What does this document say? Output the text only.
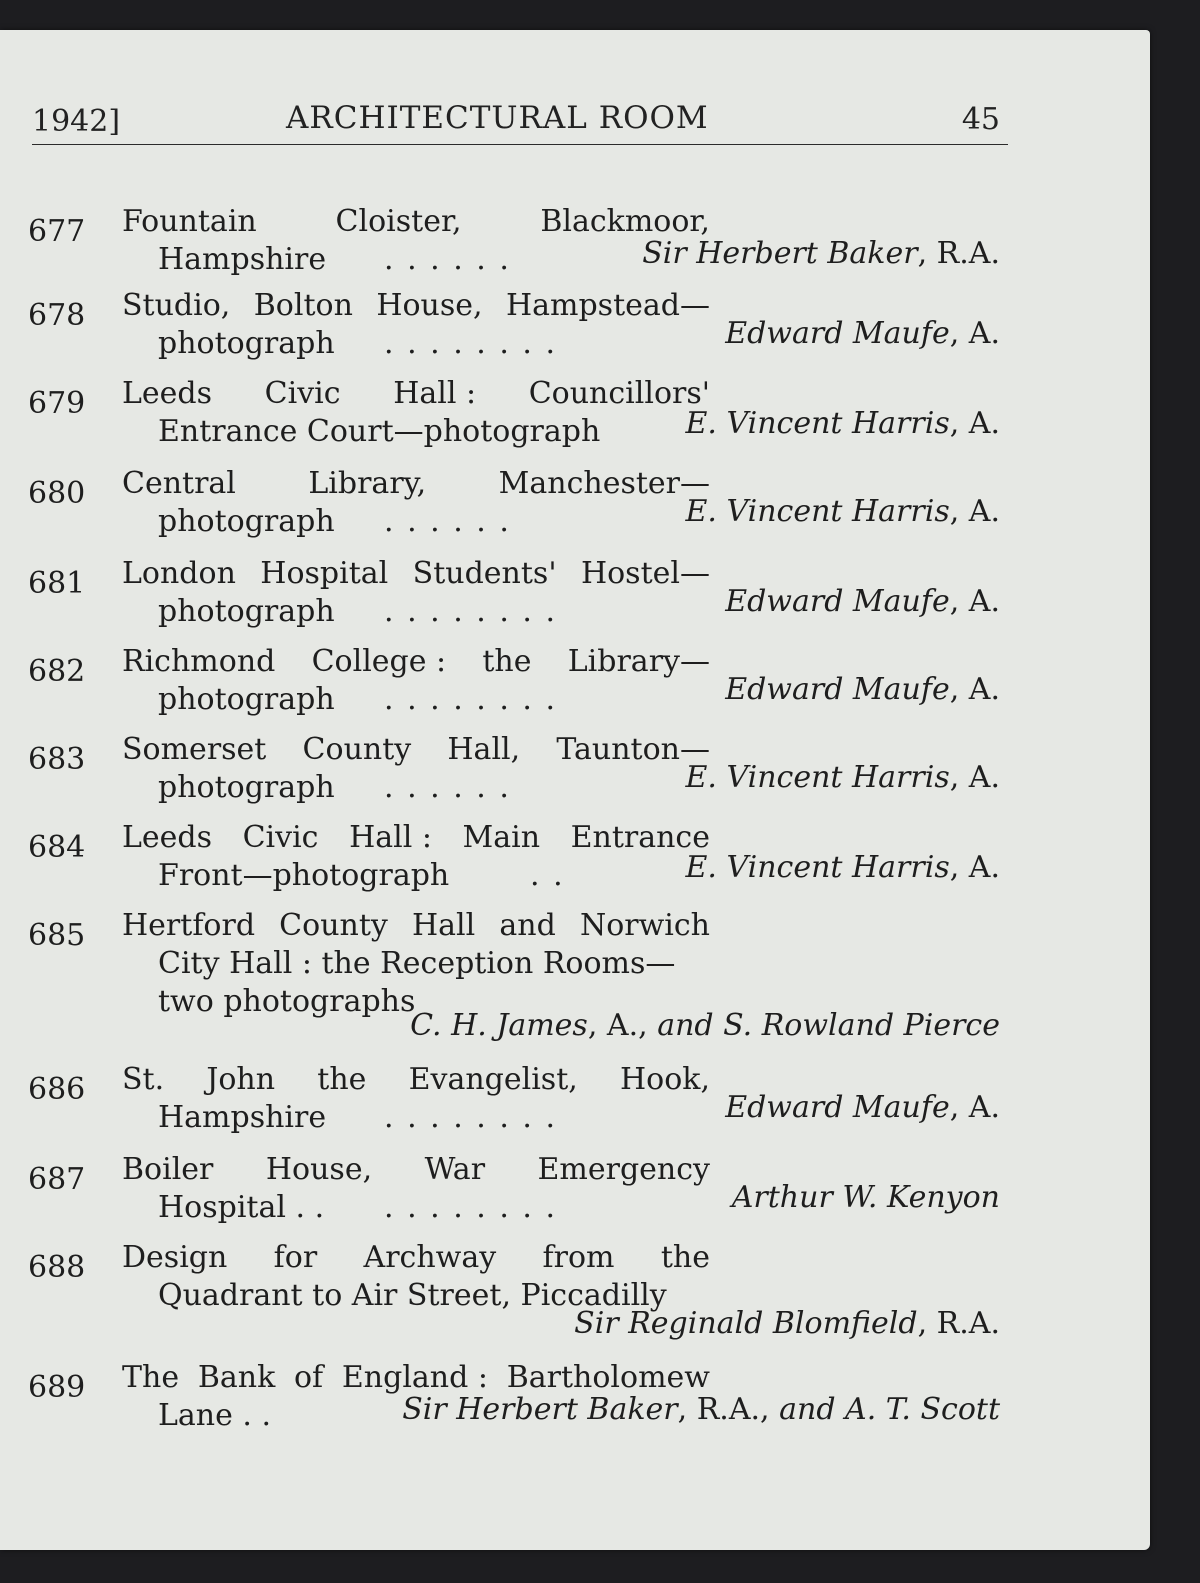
1942]	ARCHITECTURAL ROOM	45
677 Fountain	Cloister,	Blackmoor,
Hampshire . . . . . .	Sir Herbert Baker, R.A.
678 Studio, Bolton House, Hampstead—
photograph . . . . . . . .	Edward Maufe, A.
679 Leeds Civic Hall : Councillors'
Entrance Court—photograph	E. Vincent Harris, A.
680 Central Library, Manchester—
photograph . . . . . .	E. Vincent Harris, A.
681 London Hospital Students' Hostel—
photograph . . . . . . . .	Edward Maufe, A.
682 Richmond College : the Library—
photograph . . . . . . . .	Edward Maufe, A.
683 Somerset County Hall, Taunton—
photograph . . . . . .	E. Vincent Harris, A.
684 Leeds Civic Hall : Main Entrance
Front—photograph	. .	E. Vincent Harris, A.
685 Hertford County Hall and Norwich
City Hall : the Reception Rooms—
two photographs
C. H. James, A., and S. Rowland Pierce
686 St. John the Evangelist, Hook,
Hampshire . . . . . . . .	Edward Maufe, A.
687 Boiler House, War Emergency
Hospital . . . . . . . . . .	Arthur W. Kenyon
688 Design for Archway from the
Quadrant to Air Street, Piccadilly
Sir Reginald Blomfield, R.A.
689 The Bank of England : Bartholomew
Lane . .	Sir Herbert Baker, R.A., and A. T. Scott
